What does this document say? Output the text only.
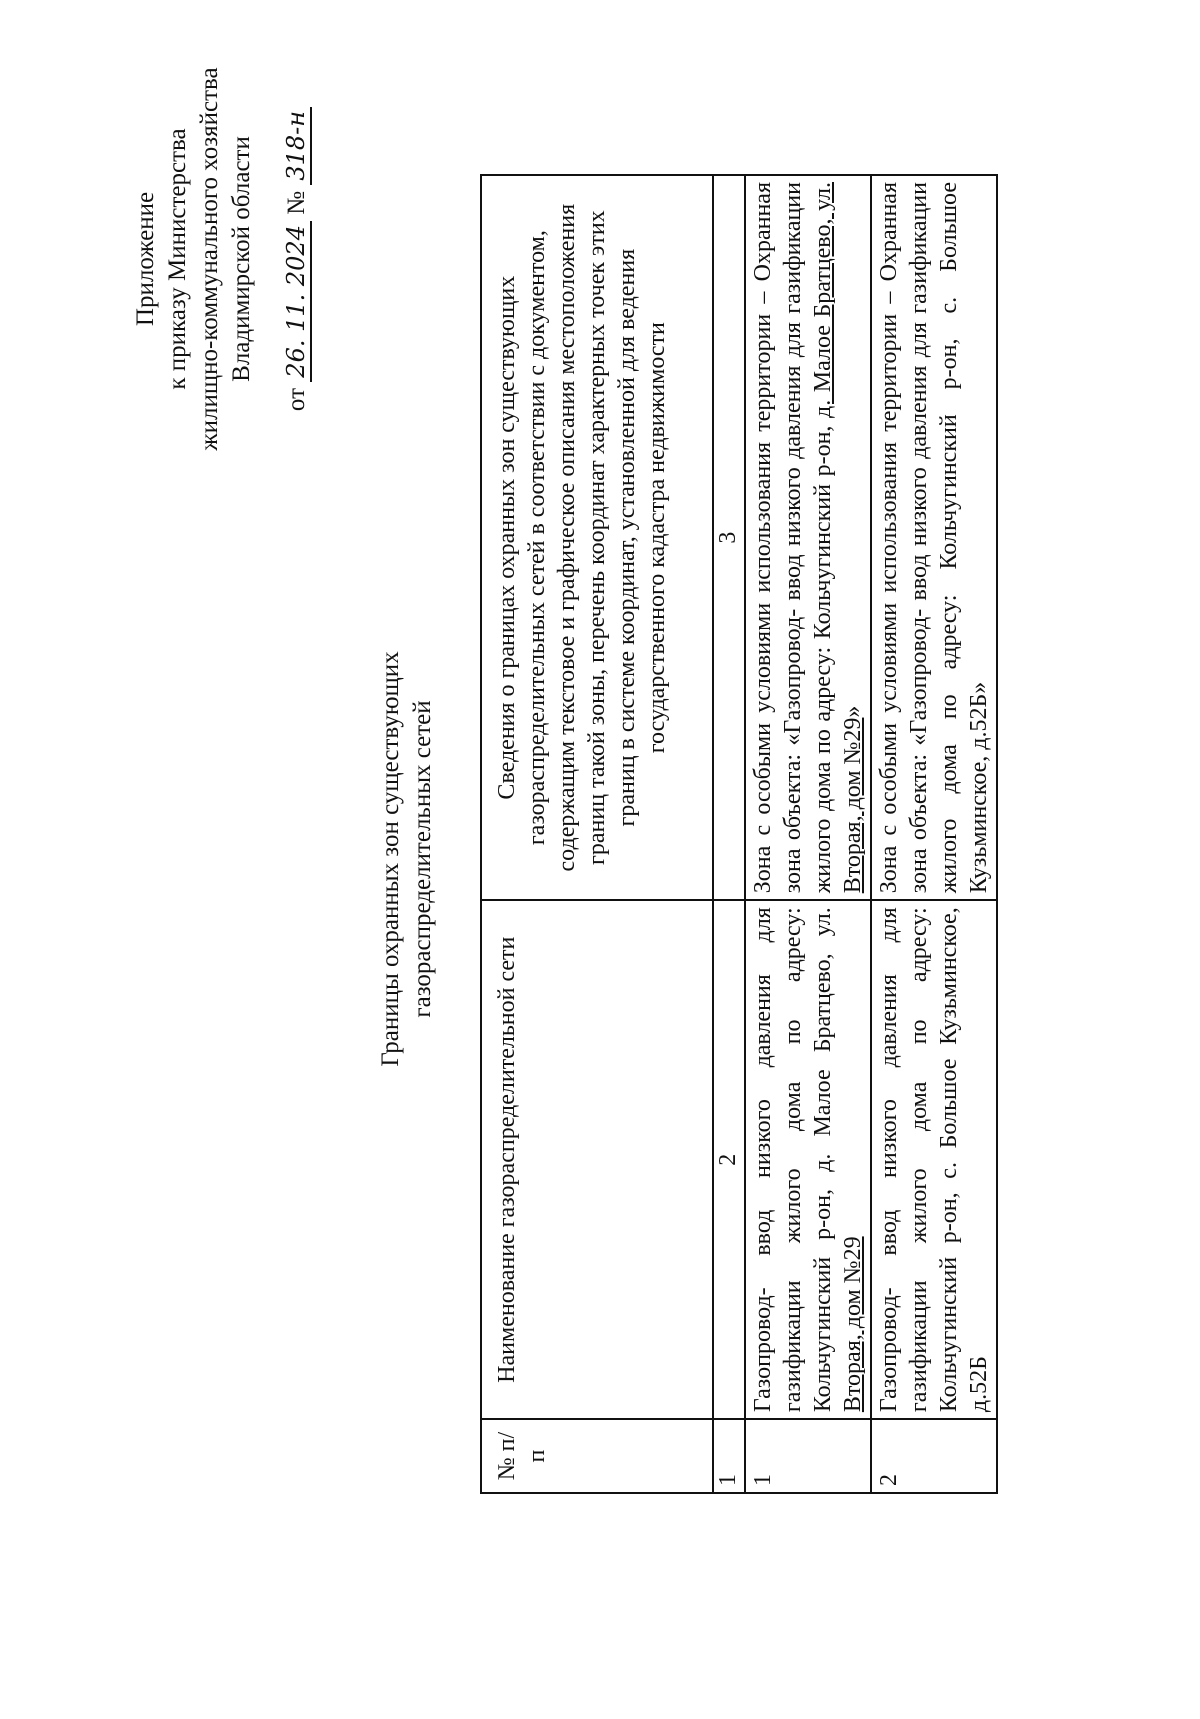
Приложение к приказу Министерства жилищно-коммунального хозяйства Владимирской области
от 26. 11. 2024 № 318-н
Границы охранных зон существующих газораспределительных сетей
№ п/п	Наименование газораспределительной сети	Сведения о границах охранных зон существующих газораспределительных сетей в соответствии с документом, содержащим текстовое и графическое описания местоположения границ такой зоны, перечень координат характерных точек этих границ в системе координат, установленной для ведения государственного кадастра недвижимости
1	2	3
1	Газопровод- ввод низкого давления для газификации жилого дома по адресу: Кольчугинский р-он, д. Малое Братцево, ул. Вторая, дом №29	Зона с особыми условиями использования территории – Охранная зона объекта: «Газопровод- ввод низкого давления для газификации жилого дома по адресу: Кольчугинский р-он, д. Малое Братцево, ул. Вторая, дом №29»
2	Газопровод- ввод низкого давления для газификации жилого дома по адресу: Кольчугинский р-он, с. Большое Кузьминское, д.52Б	Зона с особыми условиями использования территории – Охранная зона объекта: «Газопровод- ввод низкого давления для газификации жилого дома по адресу: Кольчугинский р-он, с. Большое Кузьминское, д.52Б»
